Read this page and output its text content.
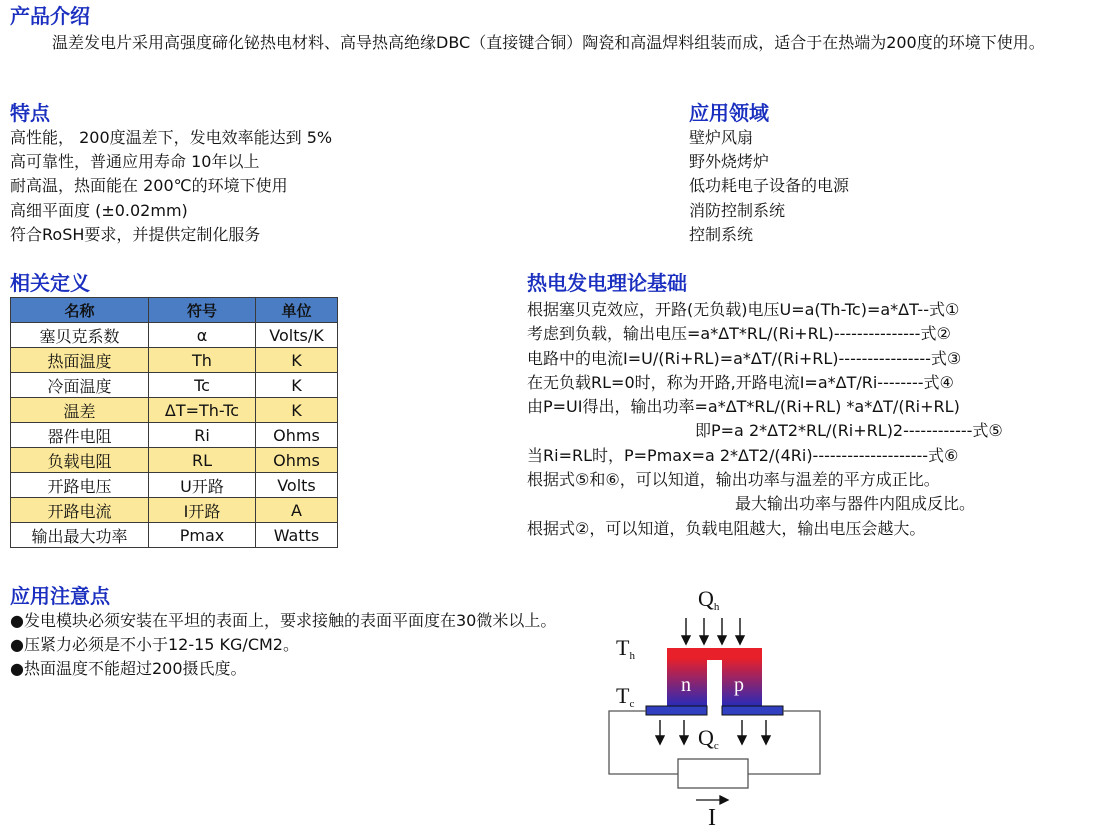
产品介绍
温差发电片采用高强度碲化铋热电材料、高导热高绝缘DBC（直接键合铜）陶瓷和高温焊料组装而成，适合于在热端为200度的环境下使用。
特点
高性能， 200度温差下，发电效率能达到 5%
高可靠性，普通应用寿命 10年以上
耐高温，热面能在 200℃的环境下使用
高细平面度 (±0.02mm)
符合RoSH要求，并提供定制化服务
应用领域
壁炉风扇
野外烧烤炉
低功耗电子设备的电源
消防控制系统
控制系统
相关定义
名称	符号	单位
塞贝克系数	α	Volts/K
热面温度	Th	K
冷面温度	Tc	K
温差	ΔT=Th-Tc	K
器件电阻	Ri	Ohms
负载电阻	RL	Ohms
开路电压	U开路	Volts
开路电流	I开路	A
输出最大功率	Pmax	Watts
热电发电理论基础
根据塞贝克效应，开路(无负载)电压U=a(Th-Tc)=a*ΔT--式①
考虑到负载，输出电压=a*ΔT*RL/(Ri+RL)---------------式②
电路中的电流I=U/(Ri+RL)=a*ΔT/(Ri+RL)----------------式③
在无负载RL=0时，称为开路,开路电流I=a*ΔT/Ri--------式④
由P=UI得出，输出功率=a*ΔT*RL/(Ri+RL) *a*ΔT/(Ri+RL)
即P=a 2*ΔT2*RL/(Ri+RL)2------------式⑤
当Ri=RL时，P=Pmax=a 2*ΔT2/(4Ri)--------------------式⑥
根据式⑤和⑥，可以知道，输出功率与温差的平方成正比。
最大输出功率与器件内阻成反比。
根据式②，可以知道，负载电阻越大，输出电压会越大。
应用注意点
●发电模块必须安装在平坦的表面上，要求接触的表面平面度在30微米以上。
●压紧力必须是不小于12-15 KG/CM2。
●热面温度不能超过200摄氏度。
Qh
Th
Tc
Qc
I
n p
